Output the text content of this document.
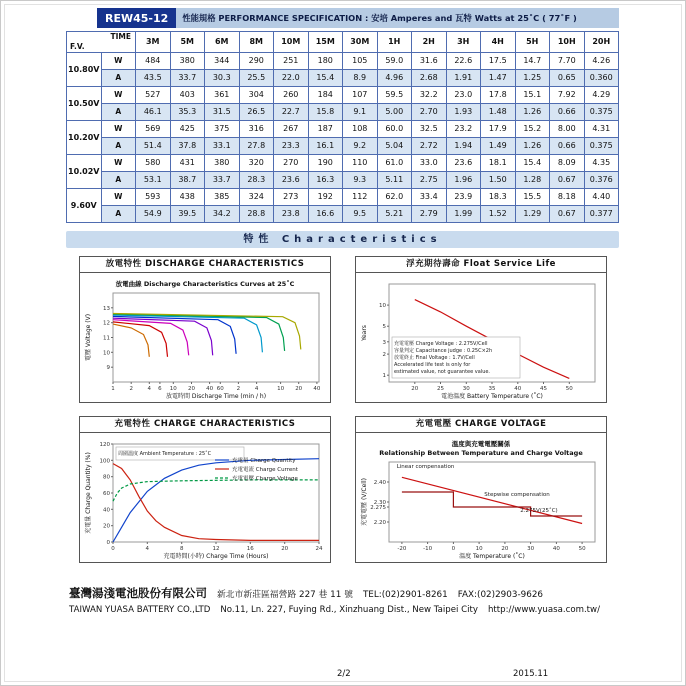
REW45-12	性能規格 PERFORMANCE SPECIFICATION : 安培 Amperes and 瓦特 Watts at 25˚C ( 77˚F )
TIME
F.V.		3M	5M	6M	8M	10M	15M	30M	1H	2H	3H	4H	5H	10H	20H
10.80V	W	484	380	344	290	251	180	105	59.0	31.6	22.6	17.5	14.7	7.70	4.26
	A	43.5	33.7	30.3	25.5	22.0	15.4	8.9	4.96	2.68	1.91	1.47	1.25	0.65	0.360
10.50V	W	527	403	361	304	260	184	107	59.5	32.2	23.0	17.8	15.1	7.92	4.29
	A	46.1	35.3	31.5	26.5	22.7	15.8	9.1	5.00	2.70	1.93	1.48	1.26	0.66	0.375
10.20V	W	569	425	375	316	267	187	108	60.0	32.5	23.2	17.9	15.2	8.00	4.31
	A	51.4	37.8	33.1	27.8	23.3	16.1	9.2	5.04	2.72	1.94	1.49	1.26	0.66	0.375
10.02V	W	580	431	380	320	270	190	110	61.0	33.0	23.6	18.1	15.4	8.09	4.35
	A	53.1	38.7	33.7	28.3	23.6	16.3	9.3	5.11	2.75	1.96	1.50	1.28	0.67	0.376
9.60V	W	593	438	385	324	273	192	112	62.0	33.4	23.9	18.3	15.5	8.18	4.40
	A	54.9	39.5	34.2	28.8	23.8	16.6	9.5	5.21	2.79	1.99	1.52	1.29	0.67	0.377
特性 Characteristics
放電特性 DISCHARGE CHARACTERISTICS
放電曲線 Discharge Characteristics Curves at 25˚C
1	2	4 6 10 20 40 60 2	4	10 20 40
9
10
11
12
13
放電時間 Discharge Time (min / h)
電壓 Voltage (V)
浮充期待壽命 Float Service Life
20	25	30	35	40	45	50
1
2
3
5
10
充電電壓 Charge Voltage : 2.275V/Cell
容量判定 Capacitance judge : 0.25C×2h
放電終止 Final Voltage : 1.7V/Cell
Accelerated life test is only for
estimated value, not guarantee value.
電池溫度 Battery Temperature (˚C)
Years
充電特性 CHARGE CHARACTERISTICS
0	4	8	12	16	20	24
0
20
40
60
80
100
120
周圍溫度 Ambient Temperature : 25˚C
充電量 Charge Quantity
充電電流 Charge Current
充電電壓 Charge Voltage
充電時間(小時) Charge Time (Hours)
充電量 Charge Quantity (%)
充電電壓 CHARGE VOLTAGE
溫度與充電電壓關係
Relationship Between Temperature and Charge Voltage
-20	-10	0	10	20	30	40	50
2.40
2.30
2.275
2.20
Linear compensation
Stepwise compensation
2.275V(25˚C)
溫度 Temperature (˚C)
充電電壓 (V/Cell)
臺灣湯淺電池股份有限公司 新北市新莊區福營路 227 巷 11 號 TEL:(02)2901-8261 FAX:(02)2903-9626
TAIWAN YUASA BATTERY CO.,LTD No.11, Ln. 227, Fuying Rd., Xinzhuang Dist., New Taipei City http://www.yuasa.com.tw/
2/2	2015.11
